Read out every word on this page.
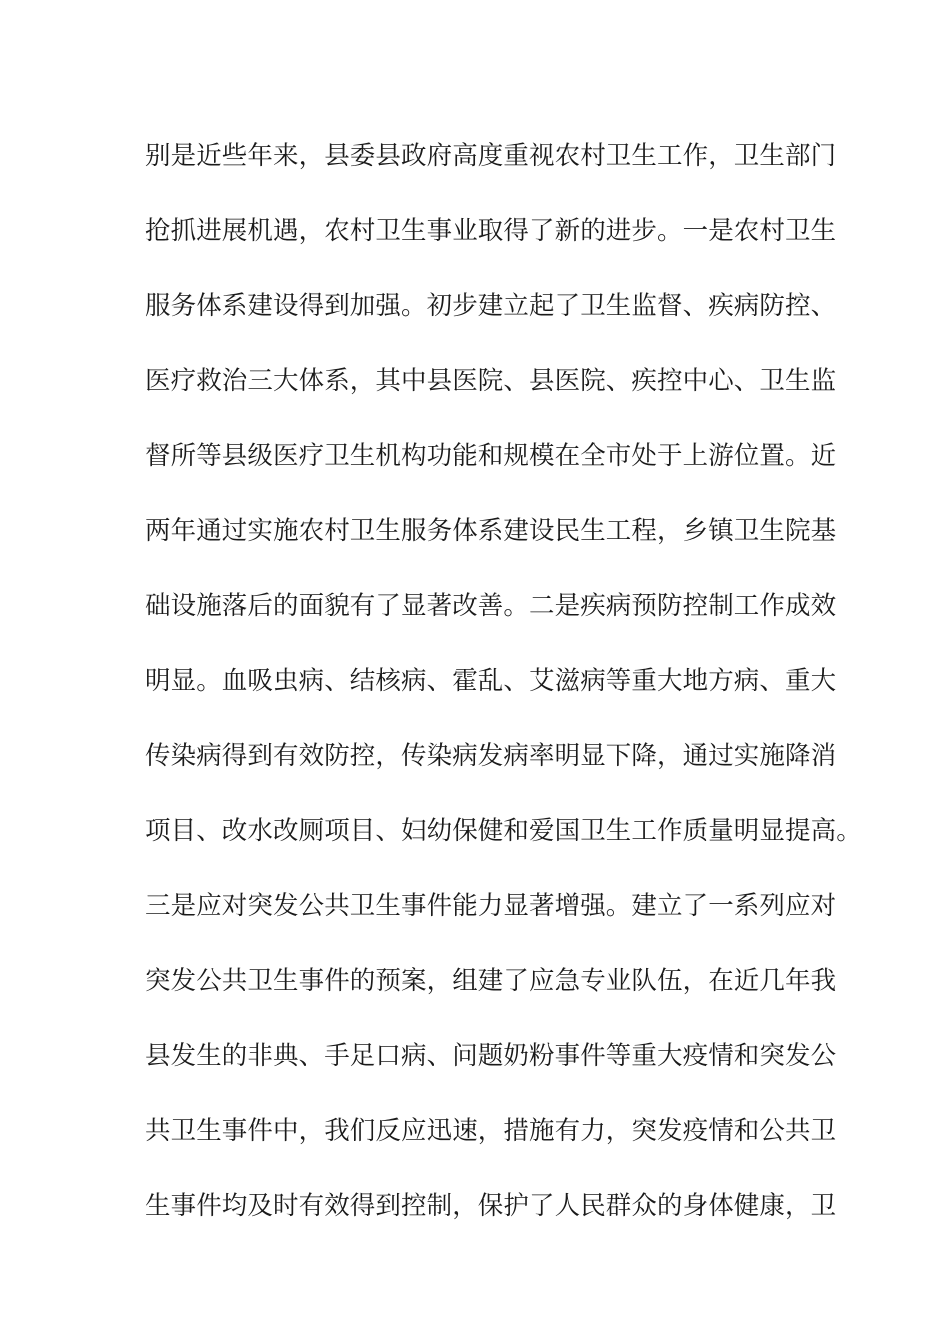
别是近些年来，县委县政府高度重视农村卫生工作，卫生部门
抢抓进展机遇，农村卫生事业取得了新的进步。一是农村卫生
服务体系建设得到加强。初步建立起了卫生监督、疾病防控、
医疗救治三大体系，其中县医院、县医院、疾控中心、卫生监
督所等县级医疗卫生机构功能和规模在全市处于上游位置。近
两年通过实施农村卫生服务体系建设民生工程，乡镇卫生院基
础设施落后的面貌有了显著改善。二是疾病预防控制工作成效
明显。血吸虫病、结核病、霍乱、艾滋病等重大地方病、重大
传染病得到有效防控，传染病发病率明显下降，通过实施降消
项目、改水改厕项目、妇幼保健和爱国卫生工作质量明显提高。
三是应对突发公共卫生事件能力显著增强。建立了一系列应对
突发公共卫生事件的预案，组建了应急专业队伍，在近几年我
县发生的非典、手足口病、问题奶粉事件等重大疫情和突发公
共卫生事件中，我们反应迅速，措施有力，突发疫情和公共卫
生事件均及时有效得到控制，保护了人民群众的身体健康，卫
